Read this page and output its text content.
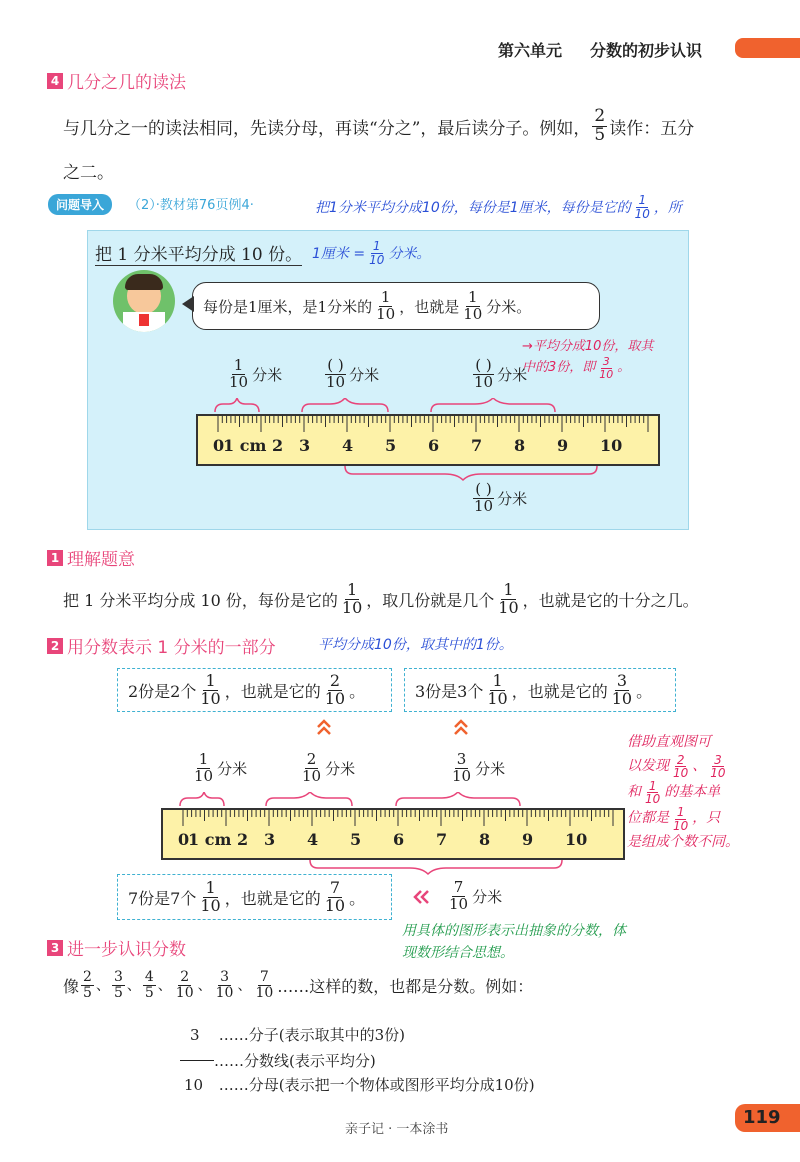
第六单元 分数的初步认识
4 几分之几的读法
与几分之一的读法相同，先读分母，再读“分之”，最后读分子。例如， $\frac{2}{5}$ 读作：五分
之二。
问题导入	（2）·教材第76页例4·	把1分米平均分成10份，每份是1厘米，每份是它的 $\frac{1}{10}$ ，所
把 1 分米平均分成 10 份。 1厘米 = $\frac{1}{10}$ 分米。
每份是1厘米，是1分米的 $\frac{1}{10}$ ，也就是 $\frac{1}{10}$ 分米。
$\frac{1}{10}$ 分米	$\frac{( )}{10}$ 分米	$\frac{( )}{10}$ 分米
→平均分成10份，取其
中的3份，即 $\frac{3}{10}$ 。
0
1 cm 2 3 4 5 6 7 8 9 10
$\frac{( )}{10}$ 分米
1 理解题意
把 1 分米平均分成 10 份，每份是它的 $\frac{1}{10}$ ，取几份就是几个 $\frac{1}{10}$ ，也就是它的十分之几。
2 用分数表示 1 分米的一部分	平均分成10份，取其中的1份。
2份是2个 $\frac{1}{10}$ ，也就是它的 $\frac{2}{10}$ 。	3份是3个 $\frac{1}{10}$ ，也就是它的 $\frac{3}{10}$ 。
$\frac{1}{10}$ 分米	$\frac{2}{10}$ 分米	$\frac{3}{10}$ 分米
0
1 cm 2 3 4 5 6 7 8 9 10
借助直观图可
以发现 $\frac{2}{10}$ 、 $\frac{3}{10}$
和 $\frac{1}{10}$ 的基本单
位都是 $\frac{1}{10}$ ，只
是组成个数不同。
7份是7个 $\frac{1}{10}$ ，也就是它的 $\frac{7}{10}$ 。	$\frac{7}{10}$ 分米
3 进一步认识分数
用具体的图形表示出抽象的分数，体
现数形结合思想。
像 $\frac{2}{5}$ 、 $\frac{3}{5}$ 、 $\frac{4}{5}$ 、 $\frac{2}{10}$ 、 $\frac{3}{10}$ 、 $\frac{7}{10}$ ……这样的数，也都是分数。例如：
3 ……分子(表示取其中的3份)
……分数线(表示平均分)
10 ……分母(表示把一个物体或图形平均分成10份)
亲子记 · 一本涂书
119
